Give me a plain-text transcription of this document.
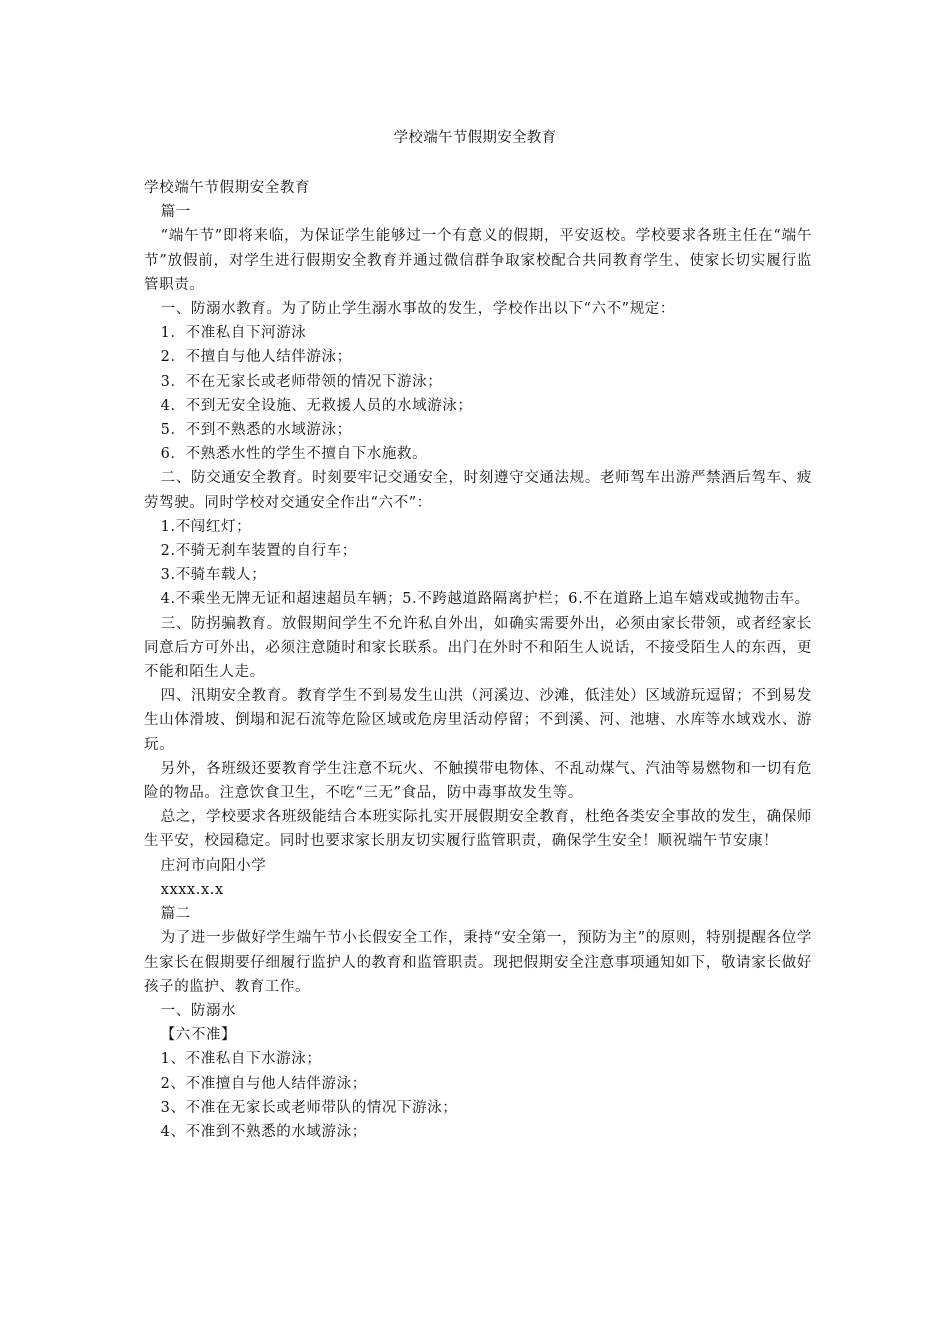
学校端午节假期安全教育

学校端午节假期安全教育

篇一

“端午节”即将来临，为保证学生能够过一个有意义的假期，平安返校。学校要求各班主任在“端午节”放假前，对学生进行假期安全教育并通过微信群争取家校配合共同教育学生、使家长切实履行监管职责。

一、防溺水教育。为了防止学生溺水事故的发生，学校作出以下“六不”规定：

1．不准私自下河游泳

2．不擅自与他人结伴游泳；

3．不在无家长或老师带领的情况下游泳；

4．不到无安全设施、无救援人员的水域游泳；

5．不到不熟悉的水域游泳；

6．不熟悉水性的学生不擅自下水施救。

二、防交通安全教育。时刻要牢记交通安全，时刻遵守交通法规。老师驾车出游严禁酒后驾车、疲劳驾驶。同时学校对交通安全作出“六不”：

1.不闯红灯；

2.不骑无刹车装置的自行车；

3.不骑车载人；

4.不乘坐无牌无证和超速超员车辆；5.不跨越道路隔离护栏；6.不在道路上追车嬉戏或抛物击车。

三、防拐骗教育。放假期间学生不允许私自外出，如确实需要外出，必须由家长带领，或者经家长同意后方可外出，必须注意随时和家长联系。出门在外时不和陌生人说话，不接受陌生人的东西，更不能和陌生人走。

四、汛期安全教育。教育学生不到易发生山洪（河溪边、沙滩，低洼处）区域游玩逗留；不到易发生山体滑坡、倒塌和泥石流等危险区域或危房里活动停留；不到溪、河、池塘、水库等水域戏水、游玩。

另外，各班级还要教育学生注意不玩火、不触摸带电物体、不乱动煤气、汽油等易燃物和一切有危险的物品。注意饮食卫生，不吃“三无”食品，防中毒事故发生等。

总之，学校要求各班级能结合本班实际扎实开展假期安全教育，杜绝各类安全事故的发生，确保师生平安，校园稳定。同时也要求家长朋友切实履行监管职责，确保学生安全！顺祝端午节安康！

庄河市向阳小学

xxxx.x.x

篇二

为了进一步做好学生端午节小长假安全工作，秉持“安全第一，预防为主”的原则，特别提醒各位学生家长在假期要仔细履行监护人的教育和监管职责。现把假期安全注意事项通知如下，敬请家长做好孩子的监护、教育工作。

一、防溺水

【六不准】

1、不准私自下水游泳；

2、不准擅自与他人结伴游泳；

3、不准在无家长或老师带队的情况下游泳；

4、不准到不熟悉的水域游泳；
